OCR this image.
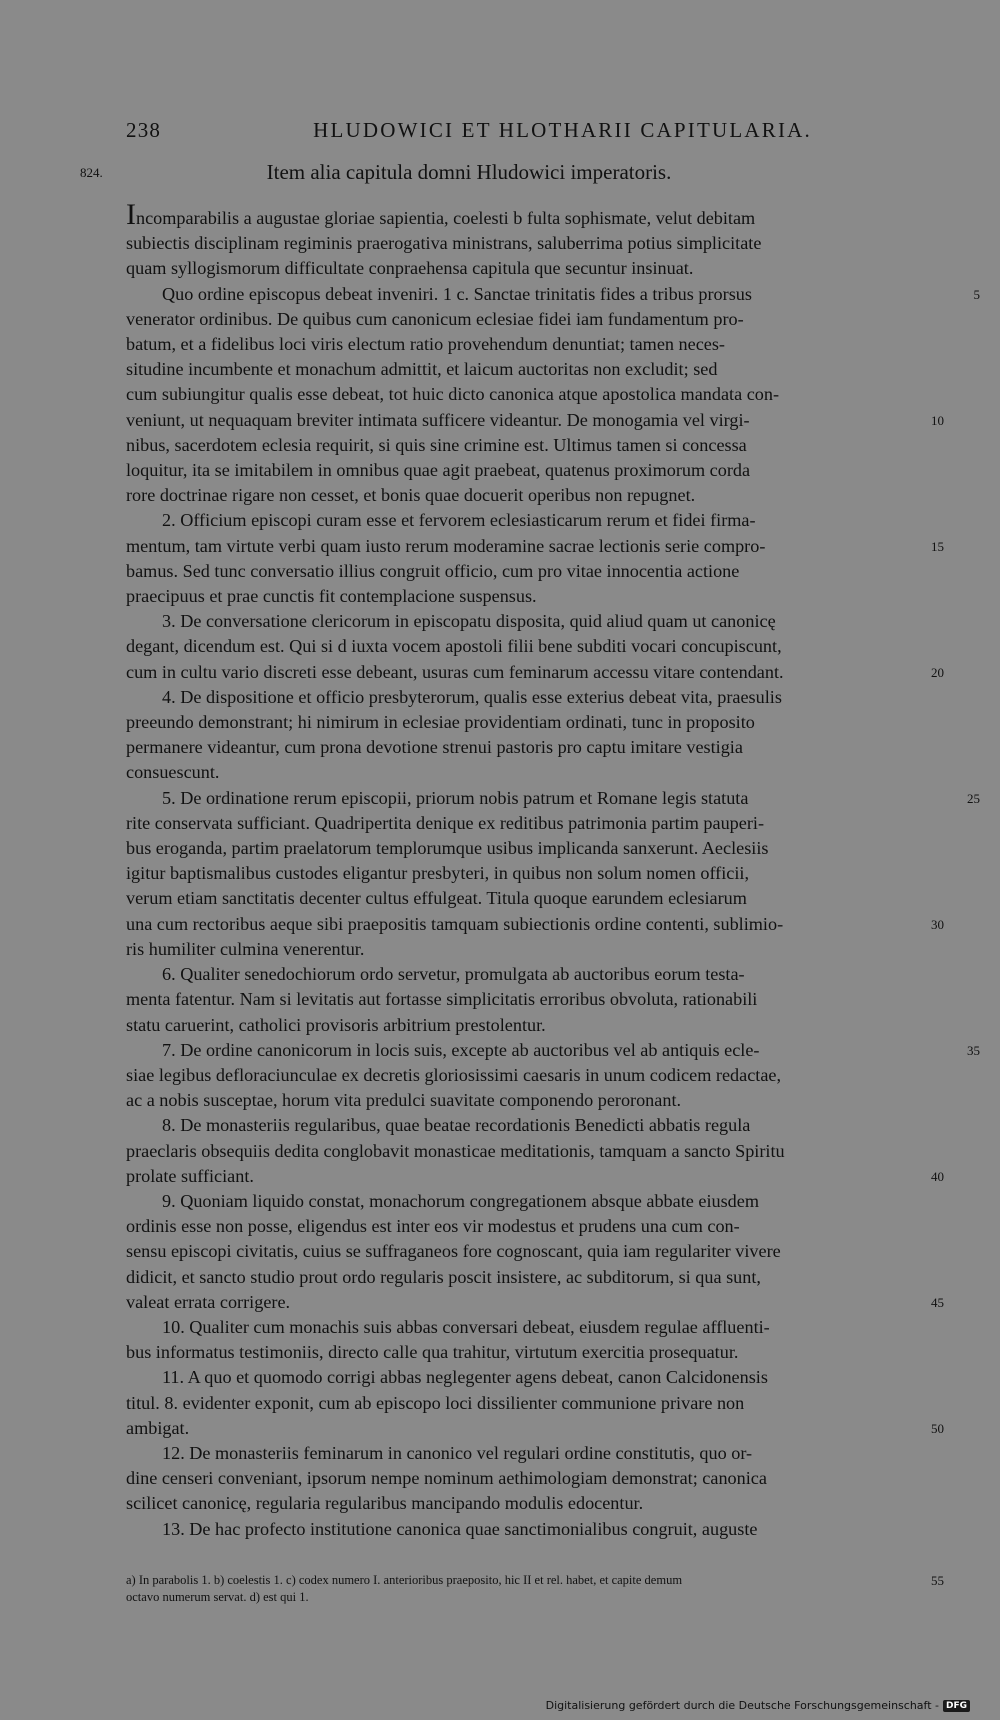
238	HLUDOWICI ET HLOTHARII CAPITULARIA.
824.	Item alia capitula domni Hludowici imperatoris.
Incomparabilis a augustae gloriae sapientia, coelesti b fulta sophismate, velut debitam
subiectis disciplinam regiminis praerogativa ministrans, saluberrima potius simplicitate
quam syllogismorum difficultate conpraehensa capitula que secuntur insinuat.
Quo ordine episcopus debeat inveniri. 1 c. Sanctae trinitatis fides a tribus prorsus	5
venerator ordinibus. De quibus cum canonicum eclesiae fidei iam fundamentum pro-
batum, et a fidelibus loci viris electum ratio provehendum denuntiat; tamen neces-
situdine incumbente et monachum admittit, et laicum auctoritas non excludit; sed
cum subiungitur qualis esse debeat, tot huic dicto canonica atque apostolica mandata con-
veniunt, ut nequaquam breviter intimata sufficere videantur. De monogamia vel virgi-	10
nibus, sacerdotem eclesia requirit, si quis sine crimine est. Ultimus tamen si concessa
loquitur, ita se imitabilem in omnibus quae agit praebeat, quatenus proximorum corda
rore doctrinae rigare non cesset, et bonis quae docuerit operibus non repugnet.
2. Officium episcopi curam esse et fervorem eclesiasticarum rerum et fidei firma-
mentum, tam virtute verbi quam iusto rerum moderamine sacrae lectionis serie compro-	15
bamus. Sed tunc conversatio illius congruit officio, cum pro vitae innocentia actione
praecipuus et prae cunctis fit contemplacione suspensus.
3. De conversatione clericorum in episcopatu disposita, quid aliud quam ut canonicę
degant, dicendum est. Qui si d iuxta vocem apostoli filii bene subditi vocari concupiscunt,
cum in cultu vario discreti esse debeant, usuras cum feminarum accessu vitare contendant.	20
4. De dispositione et officio presbyterorum, qualis esse exterius debeat vita, praesulis
preeundo demonstrant; hi nimirum in eclesiae providentiam ordinati, tunc in proposito
permanere videantur, cum prona devotione strenui pastoris pro captu imitare vestigia
consuescunt.
5. De ordinatione rerum episcopii, priorum nobis patrum et Romane legis statuta	25
rite conservata sufficiant. Quadripertita denique ex reditibus patrimonia partim pauperi-
bus eroganda, partim praelatorum templorumque usibus implicanda sanxerunt. Aeclesiis
igitur baptismalibus custodes eligantur presbyteri, in quibus non solum nomen officii,
verum etiam sanctitatis decenter cultus effulgeat. Titula quoque earundem eclesiarum
una cum rectoribus aeque sibi praepositis tamquam subiectionis ordine contenti, sublimio-	30
ris humiliter culmina venerentur.
6. Qualiter senedochiorum ordo servetur, promulgata ab auctoribus eorum testa-
menta fatentur. Nam si levitatis aut fortasse simplicitatis erroribus obvoluta, rationabili
statu caruerint, catholici provisoris arbitrium prestolentur.
7. De ordine canonicorum in locis suis, excepte ab auctoribus vel ab antiquis ecle-	35
siae legibus defloraciunculae ex decretis gloriosissimi caesaris in unum codicem redactae,
ac a nobis susceptae, horum vita predulci suavitate componendo peroronant.
8. De monasteriis regularibus, quae beatae recordationis Benedicti abbatis regula
praeclaris obsequiis dedita conglobavit monasticae meditationis, tamquam a sancto Spiritu
prolate sufficiant.	40
9. Quoniam liquido constat, monachorum congregationem absque abbate eiusdem
ordinis esse non posse, eligendus est inter eos vir modestus et prudens una cum con-
sensu episcopi civitatis, cuius se suffraganeos fore cognoscant, quia iam regulariter vivere
didicit, et sancto studio prout ordo regularis poscit insistere, ac subditorum, si qua sunt,
valeat errata corrigere.	45
10. Qualiter cum monachis suis abbas conversari debeat, eiusdem regulae affluenti-
bus informatus testimoniis, directo calle qua trahitur, virtutum exercitia prosequatur.
11. A quo et quomodo corrigi abbas neglegenter agens debeat, canon Calcidonensis
titul. 8. evidenter exponit, cum ab episcopo loci dissilienter communione privare non
ambigat.	50
12. De monasteriis feminarum in canonico vel regulari ordine constitutis, quo or-
dine censeri conveniant, ipsorum nempe nominum aethimologiam demonstrat; canonica
scilicet canonicę, regularia regularibus mancipando modulis edocentur.
13. De hac profecto institutione canonica quae sanctimonialibus congruit, auguste
a) In parabolis 1. b) coelestis 1. c) codex numero I. anterioribus praeposito, hic II et rel. habet, et capite demum	55
octavo numerum servat. d) est qui 1.
Digitalisierung gefördert durch die Deutsche Forschungsgemeinschaft - DFG
